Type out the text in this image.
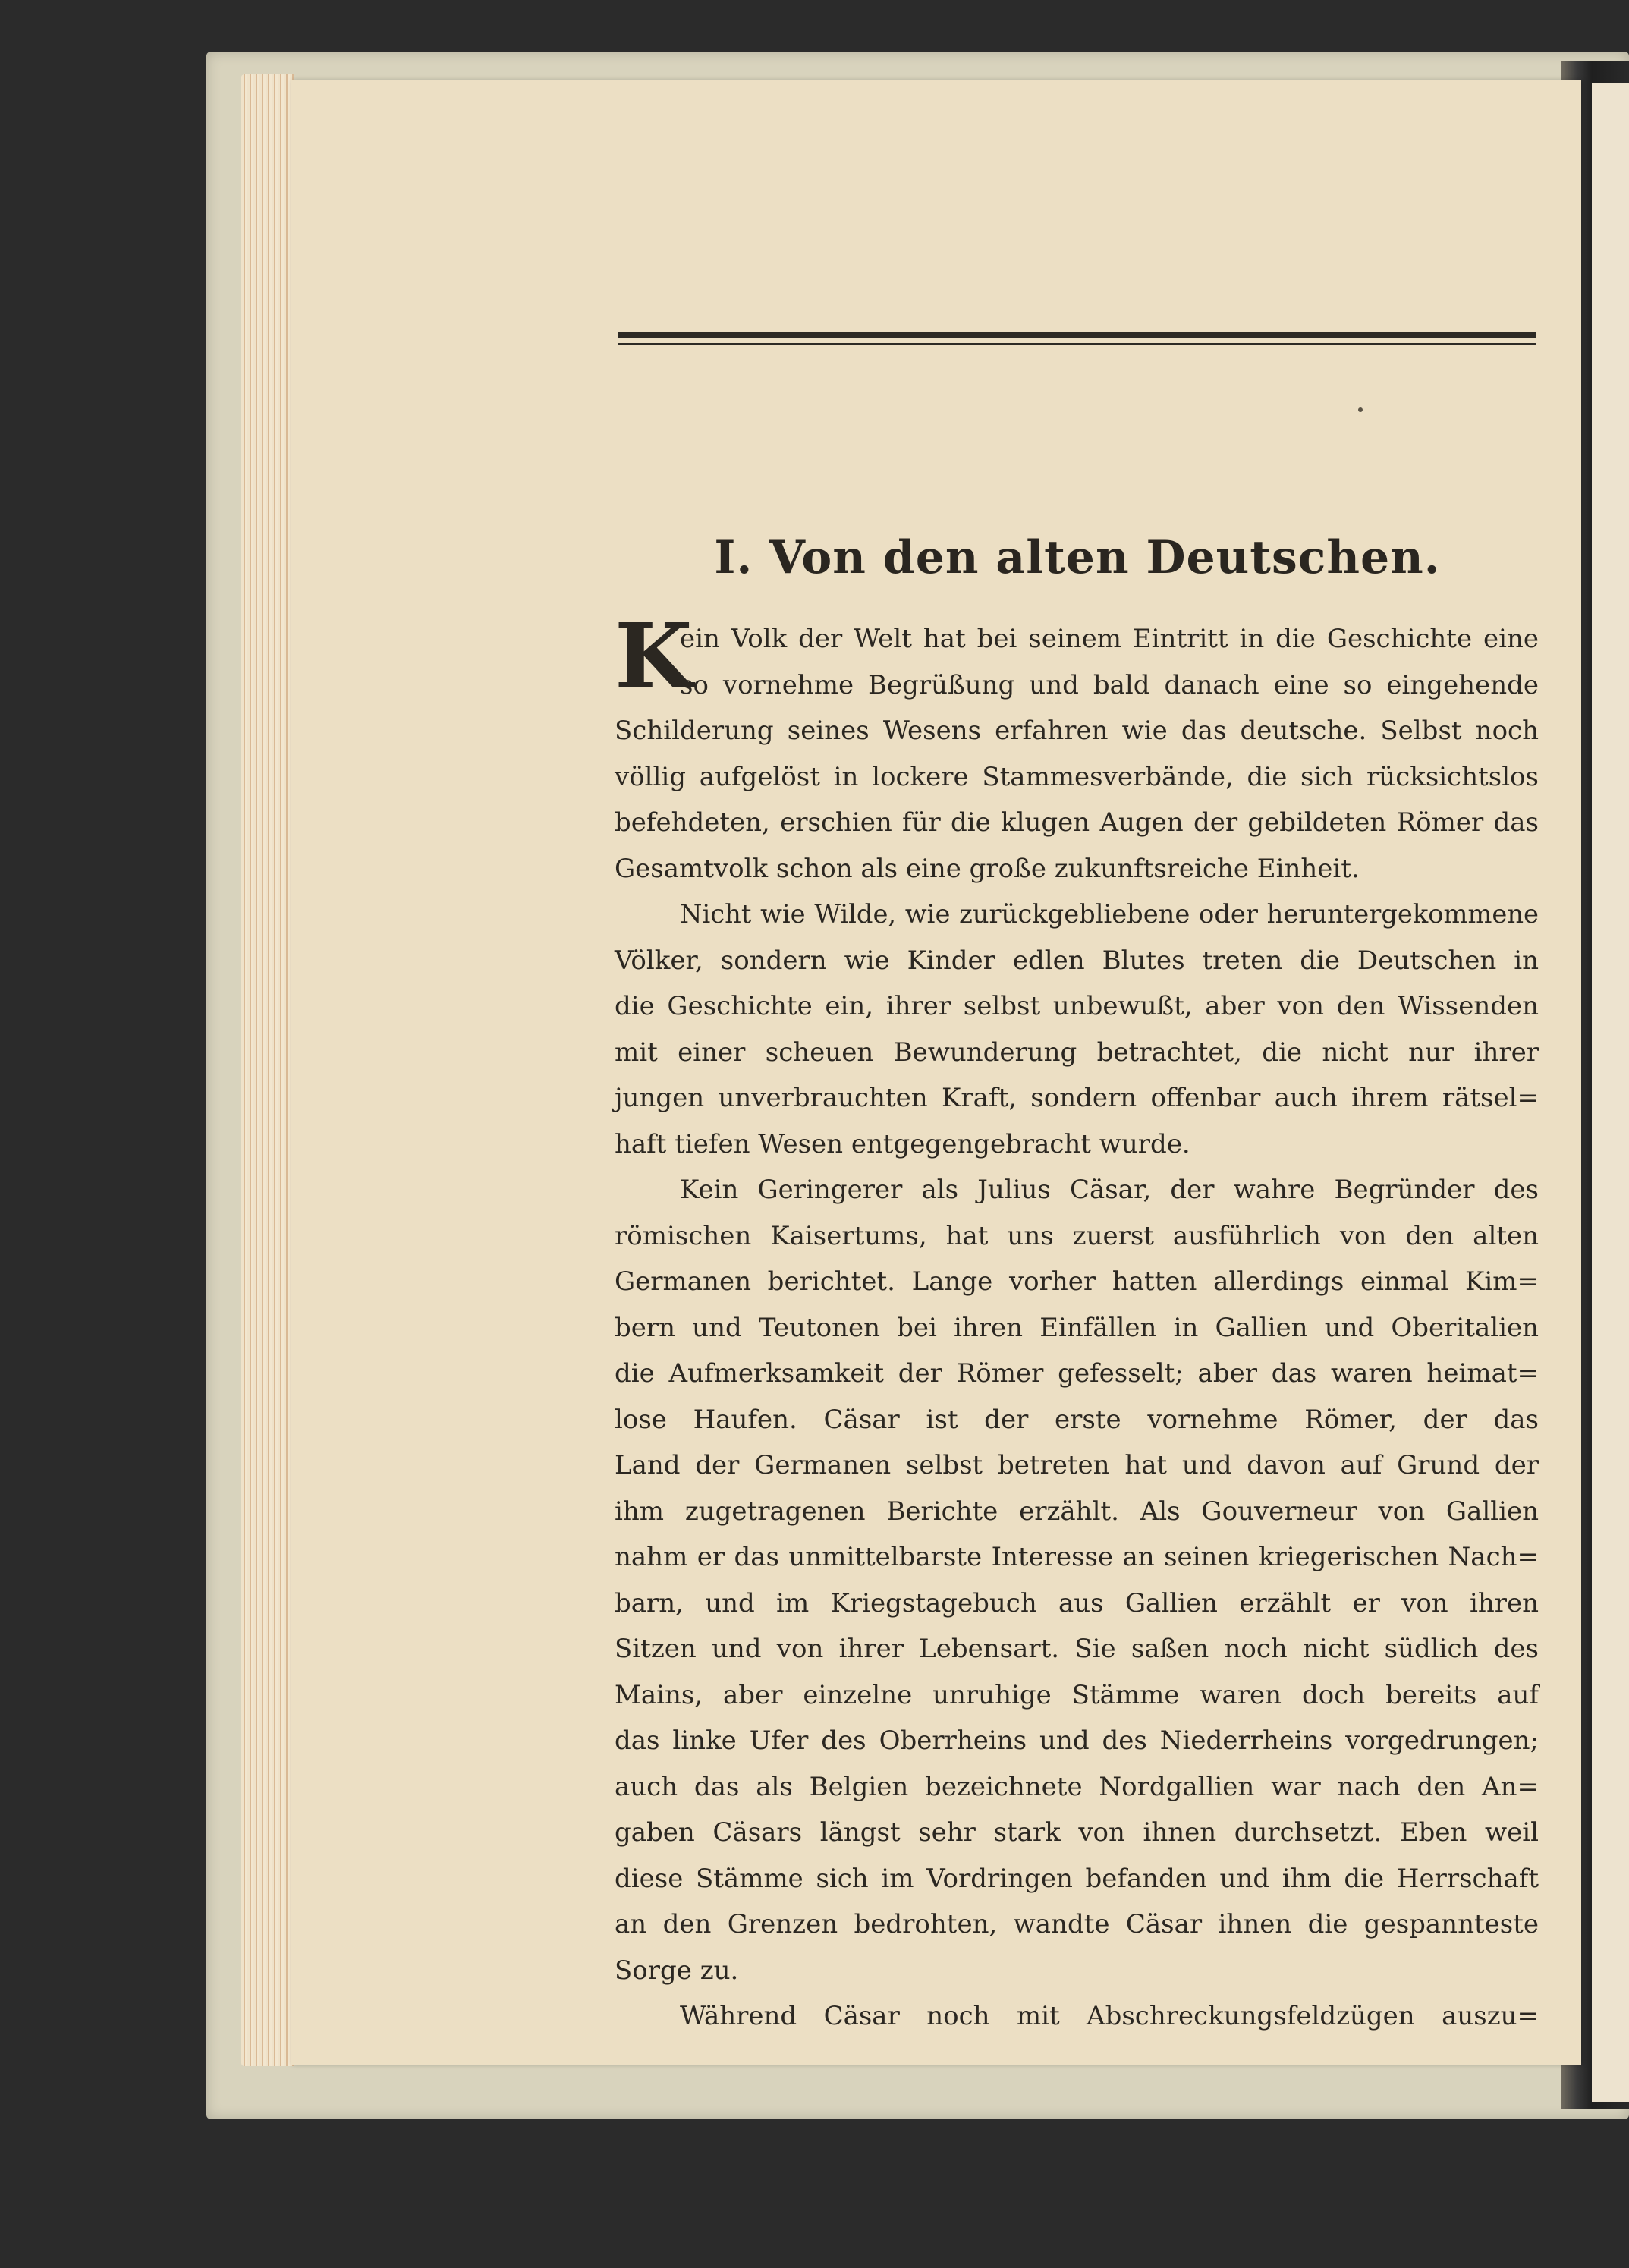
I. Von den alten Deutschen.
K
ein Volk der Welt hat bei seinem Eintritt in die Geschichte eine
so vornehme Begrüßung und bald danach eine so eingehende
Schilderung seines Wesens erfahren wie das deutsche. Selbst noch
völlig aufgelöst in lockere Stammesverbände, die sich rücksichtslos
befehdeten, erschien für die klugen Augen der gebildeten Römer das
Gesamtvolk schon als eine große zukunftsreiche Einheit.
Nicht wie Wilde, wie zurückgebliebene oder heruntergekommene
Völker, sondern wie Kinder edlen Blutes treten die Deutschen in
die Geschichte ein, ihrer selbst unbewußt, aber von den Wissenden
mit einer scheuen Bewunderung betrachtet, die nicht nur ihrer
jungen unverbrauchten Kraft, sondern offenbar auch ihrem rätsel=
haft tiefen Wesen entgegengebracht wurde.
Kein Geringerer als Julius Cäsar, der wahre Begründer des
römischen Kaisertums, hat uns zuerst ausführlich von den alten
Germanen berichtet. Lange vorher hatten allerdings einmal Kim=
bern und Teutonen bei ihren Einfällen in Gallien und Oberitalien
die Aufmerksamkeit der Römer gefesselt; aber das waren heimat=
lose Haufen. Cäsar ist der erste vornehme Römer, der das
Land der Germanen selbst betreten hat und davon auf Grund der
ihm zugetragenen Berichte erzählt. Als Gouverneur von Gallien
nahm er das unmittelbarste Interesse an seinen kriegerischen Nach=
barn, und im Kriegstagebuch aus Gallien erzählt er von ihren
Sitzen und von ihrer Lebensart. Sie saßen noch nicht südlich des
Mains, aber einzelne unruhige Stämme waren doch bereits auf
das linke Ufer des Oberrheins und des Niederrheins vorgedrungen;
auch das als Belgien bezeichnete Nordgallien war nach den An=
gaben Cäsars längst sehr stark von ihnen durchsetzt. Eben weil
diese Stämme sich im Vordringen befanden und ihm die Herrschaft
an den Grenzen bedrohten, wandte Cäsar ihnen die gespannteste
Sorge zu.
Während Cäsar noch mit Abschreckungsfeldzügen auszu=
